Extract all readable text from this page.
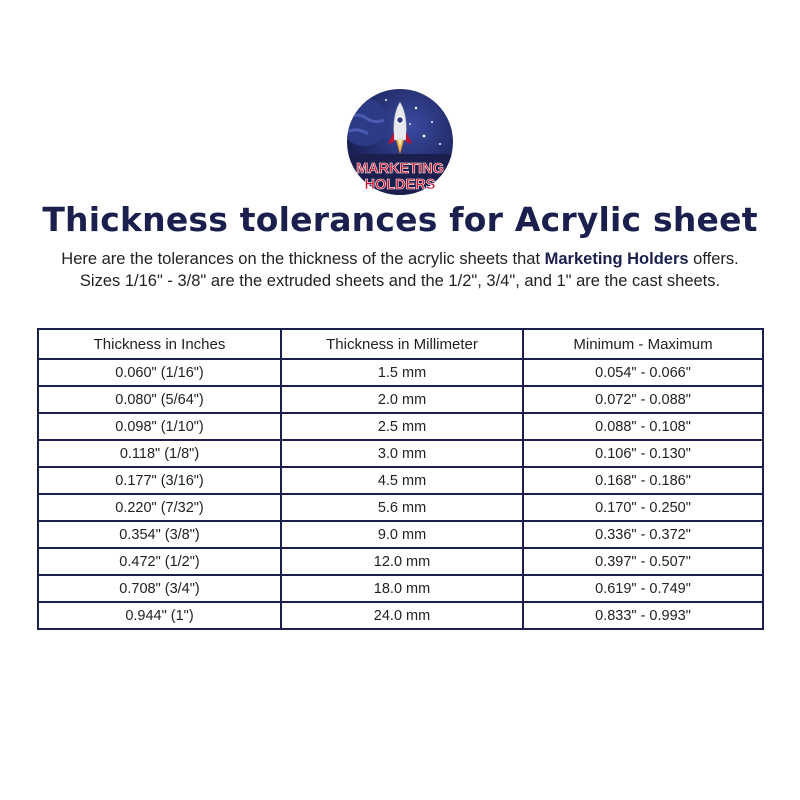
MARKETING
HOLDERS
Thickness tolerances for Acrylic sheet
Here are the tolerances on the thickness of the acrylic sheets that Marketing Holders offers.
Sizes 1/16" - 3/8" are the extruded sheets and the 1/2", 3/4", and 1" are the cast sheets.
Thickness in Inches	Thickness in Millimeter	Minimum - Maximum
0.060" (1/16")	1.5 mm	0.054" - 0.066"
0.080" (5/64")	2.0 mm	0.072" - 0.088"
0.098" (1/10")	2.5 mm	0.088" - 0.108"
0.118" (1/8")	3.0 mm	0.106" - 0.130"
0.177" (3/16")	4.5 mm	0.168" - 0.186"
0.220" (7/32")	5.6 mm	0.170" - 0.250"
0.354" (3/8")	9.0 mm	0.336" - 0.372"
0.472" (1/2")	12.0 mm	0.397" - 0.507"
0.708" (3/4")	18.0 mm	0.619" - 0.749"
0.944" (1")	24.0 mm	0.833" - 0.993"
